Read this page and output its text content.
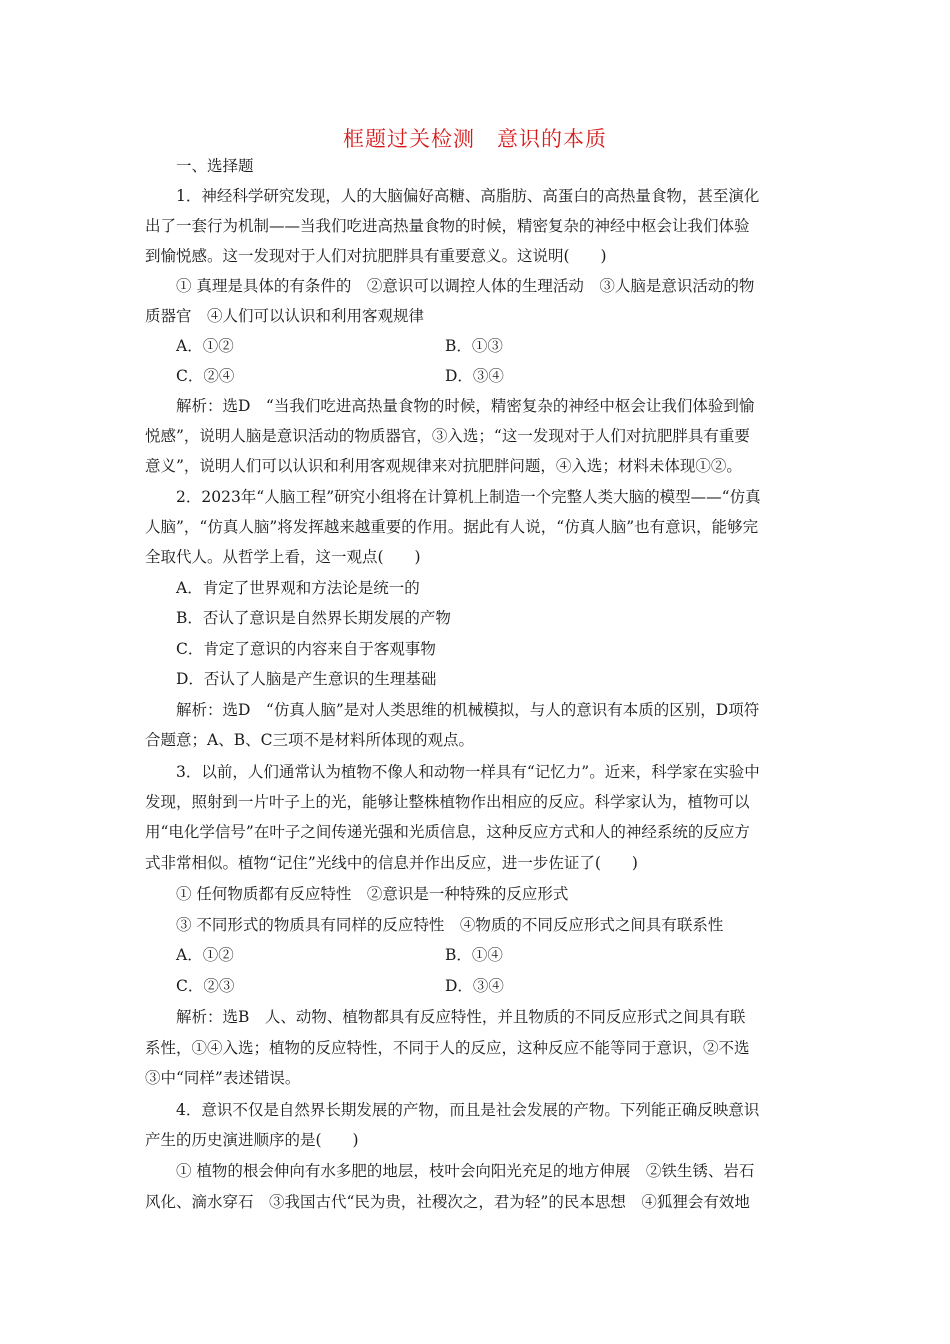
框题过关检测　意识的本质
一、选择题
1．神经科学研究发现，人的大脑偏好高糖、高脂肪、高蛋白的高热量食物，甚至演化
出了一套行为机制——当我们吃进高热量食物的时候，精密复杂的神经中枢会让我们体验
到愉悦感。这一发现对于人们对抗肥胖具有重要意义。这说明(　　)
① 真理是具体的有条件的　②意识可以调控人体的生理活动　③人脑是意识活动的物
质器官　④人们可以认识和利用客观规律
A．①②	B．①③
C．②④	D．③④
解析：选D　“当我们吃进高热量食物的时候，精密复杂的神经中枢会让我们体验到愉
悦感”，说明人脑是意识活动的物质器官，③入选；“这一发现对于人们对抗肥胖具有重要
意义”，说明人们可以认识和利用客观规律来对抗肥胖问题，④入选；材料未体现①②。
2．2023年“人脑工程”研究小组将在计算机上制造一个完整人类大脑的模型——“仿真
人脑”，“仿真人脑”将发挥越来越重要的作用。据此有人说，“仿真人脑”也有意识，能够完
全取代人。从哲学上看，这一观点(　　)
A．肯定了世界观和方法论是统一的
B．否认了意识是自然界长期发展的产物
C．肯定了意识的内容来自于客观事物
D．否认了人脑是产生意识的生理基础
解析：选D　“仿真人脑”是对人类思维的机械模拟，与人的意识有本质的区别，D项符
合题意；A、B、C三项不是材料所体现的观点。
3．以前，人们通常认为植物不像人和动物一样具有“记忆力”。近来，科学家在实验中
发现，照射到一片叶子上的光，能够让整株植物作出相应的反应。科学家认为，植物可以
用“电化学信号”在叶子之间传递光强和光质信息，这种反应方式和人的神经系统的反应方
式非常相似。植物“记住”光线中的信息并作出反应，进一步佐证了(　　)
① 任何物质都有反应特性　②意识是一种特殊的反应形式
③ 不同形式的物质具有同样的反应特性　④物质的不同反应形式之间具有联系性
A．①②	B．①④
C．②③	D．③④
解析：选B　人、动物、植物都具有反应特性，并且物质的不同反应形式之间具有联
系性，①④入选；植物的反应特性，不同于人的反应，这种反应不能等同于意识，②不选
③中“同样”表述错误。
4．意识不仅是自然界长期发展的产物，而且是社会发展的产物。下列能正确反映意识
产生的历史演进顺序的是(　　)
① 植物的根会伸向有水多肥的地层，枝叶会向阳光充足的地方伸展　②铁生锈、岩石
风化、滴水穿石　③我国古代“民为贵，社稷次之，君为轻”的民本思想　④狐狸会有效地
